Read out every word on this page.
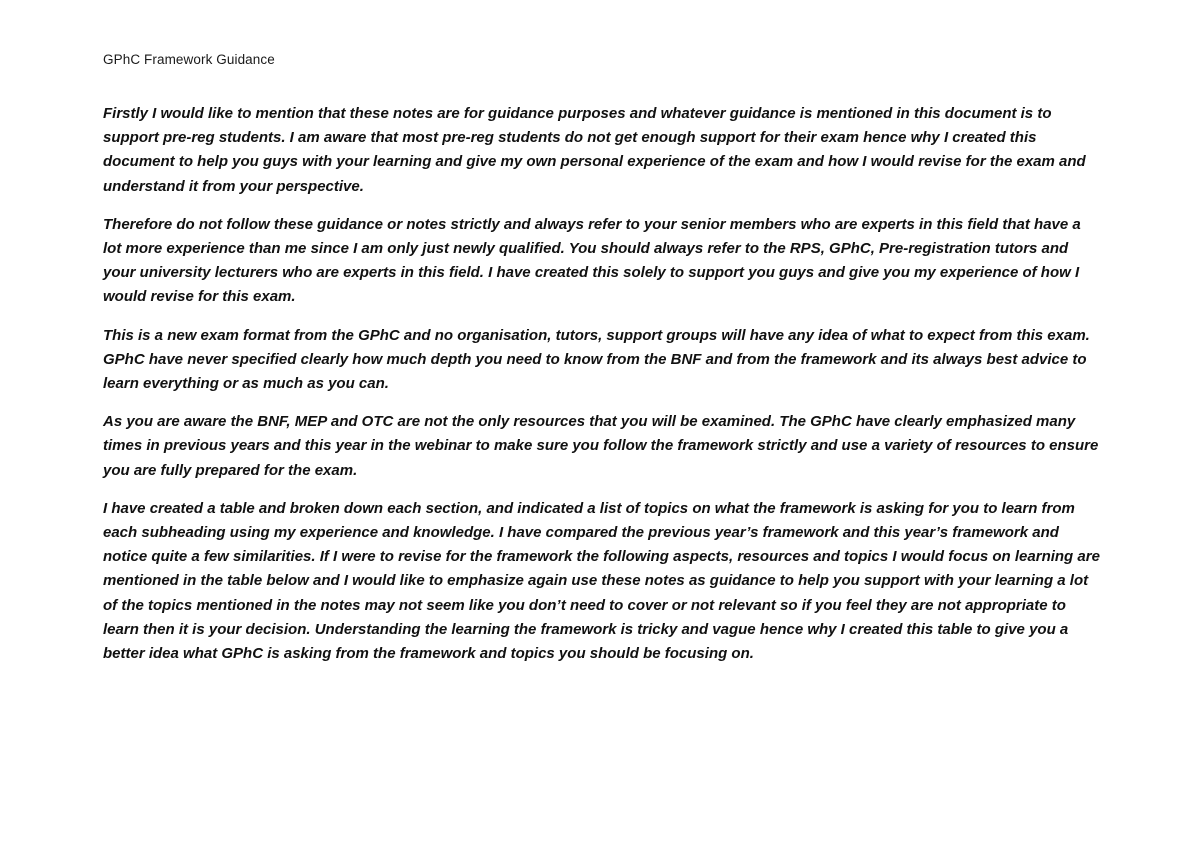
GPhC Framework Guidance

Firstly I would like to mention that these notes are for guidance purposes and whatever guidance is mentioned in this document is to support pre-reg students. I am aware that most pre-reg students do not get enough support for their exam hence why I created this document to help you guys with your learning and give my own personal experience of the exam and how I would revise for the exam and understand it from your perspective.

Therefore do not follow these guidance or notes strictly and always refer to your senior members who are experts in this field that have a lot more experience than me since I am only just newly qualified. You should always refer to the RPS, GPhC, Pre-registration tutors and your university lecturers who are experts in this field. I have created this solely to support you guys and give you my experience of how I would revise for this exam.

This is a new exam format from the GPhC and no organisation, tutors, support groups will have any idea of what to expect from this exam. GPhC have never specified clearly how much depth you need to know from the BNF and from the framework and its always best advice to learn everything or as much as you can.

As you are aware the BNF, MEP and OTC are not the only resources that you will be examined. The GPhC have clearly emphasized many times in previous years and this year in the webinar to make sure you follow the framework strictly and use a variety of resources to ensure you are fully prepared for the exam.

I have created a table and broken down each section, and indicated a list of topics on what the framework is asking for you to learn from each subheading using my experience and knowledge. I have compared the previous year’s framework and this year’s framework and notice quite a few similarities. If I were to revise for the framework the following aspects, resources and topics I would focus on learning are mentioned in the table below and I would like to emphasize again use these notes as guidance to help you support with your learning a lot of the topics mentioned in the notes may not seem like you don’t need to cover or not relevant so if you feel they are not appropriate to learn then it is your decision. Understanding the learning the framework is tricky and vague hence why I created this table to give you a better idea what GPhC is asking from the framework and topics you should be focusing on.
